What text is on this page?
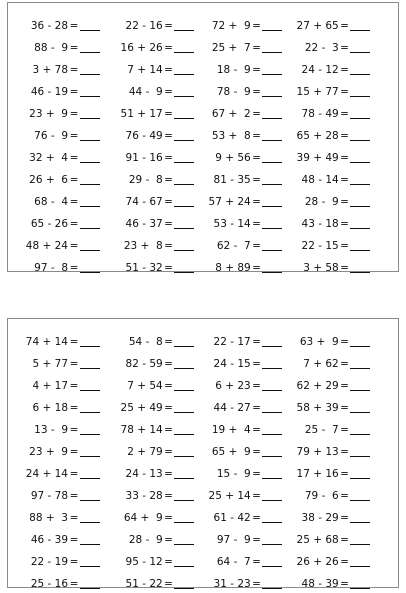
36 - 28 =	22 - 16 =	72 +  9 =	27 + 65 =
88 -  9 =	16 + 26 =	25 +  7 =	22 -  3 =
3 + 78 =	7 + 14 =	18 -  9 =	24 - 12 =
46 - 19 =	44 -  9 =	78 -  9 =	15 + 77 =
23 +  9 =	51 + 17 =	67 +  2 =	78 - 49 =
76 -  9 =	76 - 49 =	53 +  8 =	65 + 28 =
32 +  4 =	91 - 16 =	9 + 56 =	39 + 49 =
26 +  6 =	29 -  8 =	81 - 35 =	48 - 14 =
68 -  4 =	74 - 67 =	57 + 24 =	28 -  9 =
65 - 26 =	46 - 37 =	53 - 14 =	43 - 18 =
48 + 24 =	23 +  8 =	62 -  7 =	22 - 15 =
97 -  8 =	51 - 32 =	8 + 89 =	3 + 58 =
74 + 14 =	54 -  8 =	22 - 17 =	63 +  9 =
5 + 77 =	82 - 59 =	24 - 15 =	7 + 62 =
4 + 17 =	7 + 54 =	6 + 23 =	62 + 29 =
6 + 18 =	25 + 49 =	44 - 27 =	58 + 39 =
13 -  9 =	78 + 14 =	19 +  4 =	25 -  7 =
23 +  9 =	2 + 79 =	65 +  9 =	79 + 13 =
24 + 14 =	24 - 13 =	15 -  9 =	17 + 16 =
97 - 78 =	33 - 28 =	25 + 14 =	79 -  6 =
88 +  3 =	64 +  9 =	61 - 42 =	38 - 29 =
46 - 39 =	28 -  9 =	97 -  9 =	25 + 68 =
22 - 19 =	95 - 12 =	64 -  7 =	26 + 26 =
25 - 16 =	51 - 22 =	31 - 23 =	48 - 39 =
